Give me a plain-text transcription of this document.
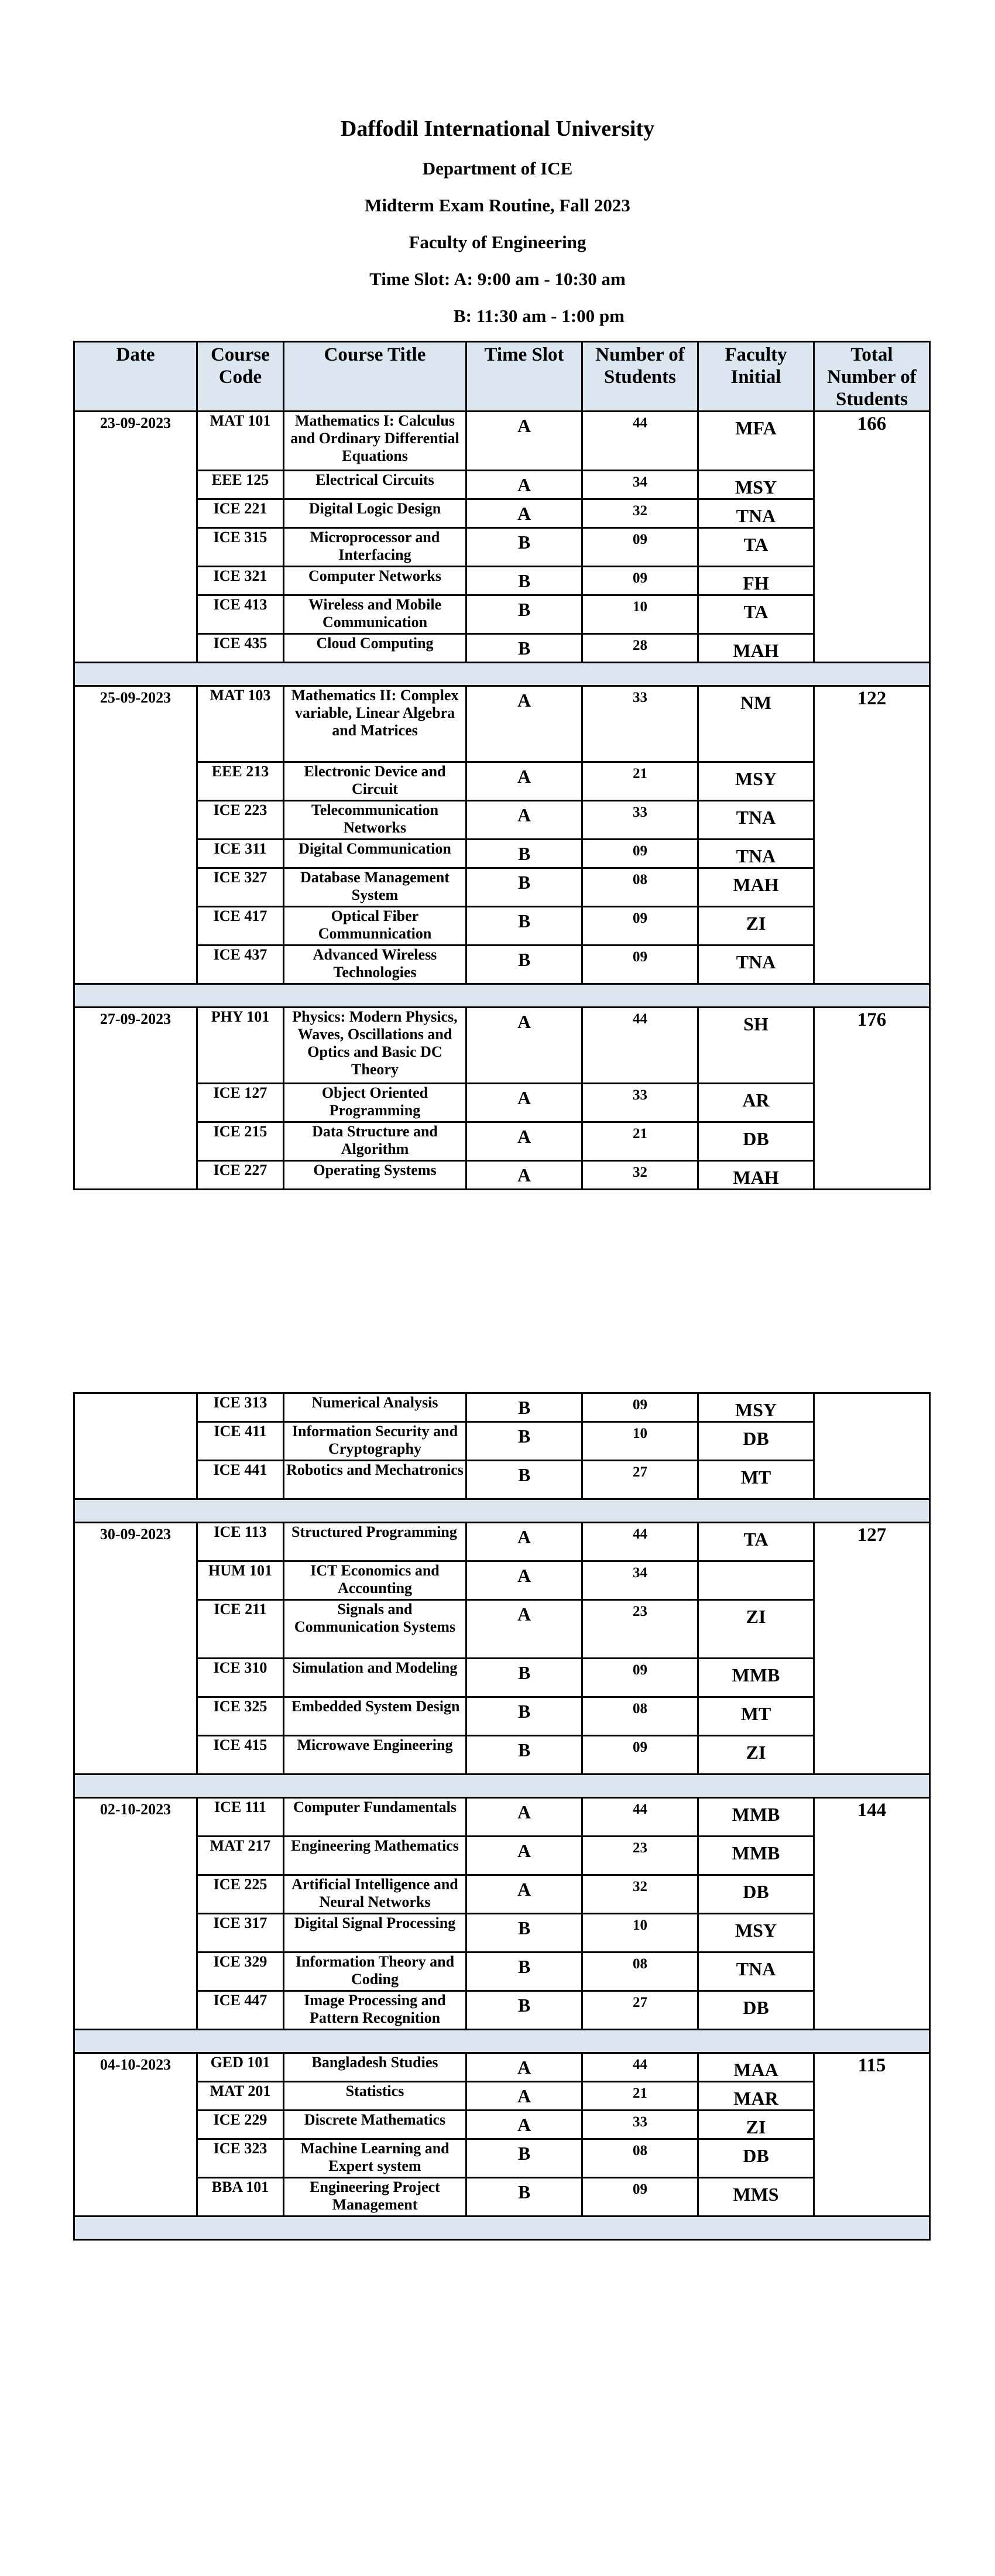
Daffodil International University
Department of ICE
Midterm Exam Routine, Fall 2023
Faculty of Engineering
Time Slot: A: 9:00 am - 10:30 am
B: 11:30 am - 1:00 pm
Date	Course Code	Course Title	Time Slot	Number of Students	Faculty Initial	Total Number of Students
23-09-2023	MAT 101	Mathematics I: Calculus and Ordinary Differential Equations	A	44	MFA	166
	EEE 125	Electrical Circuits	A	34	MSY	
	ICE 221	Digital Logic Design	A	32	TNA	
	ICE 315	Microprocessor and Interfacing	B	09	TA	
	ICE 321	Computer Networks	B	09	FH	
	ICE 413	Wireless and Mobile Communication	B	10	TA	
	ICE 435	Cloud Computing	B	28	MAH	

25-09-2023	MAT 103	Mathematics II: Complex variable, Linear Algebra and Matrices	A	33	NM	122
	EEE 213	Electronic Device and Circuit	A	21	MSY	
	ICE 223	Telecommunication Networks	A	33	TNA	
	ICE 311	Digital Communication	B	09	TNA	
	ICE 327	Database Management System	B	08	MAH	
	ICE 417	Optical Fiber Communnication	B	09	ZI	
	ICE 437	Advanced Wireless Technologies	B	09	TNA	

27-09-2023	PHY 101	Physics: Modern Physics, Waves, Oscillations and Optics and Basic DC Theory	A	44	SH	176
	ICE 127	Object Oriented Programming	A	33	AR	
	ICE 215	Data Structure and Algorithm	A	21	DB	
	ICE 227	Operating Systems	A	32	MAH	
	ICE 313	Numerical Analysis	B	09	MSY	
	ICE 411	Information Security and Cryptography	B	10	DB	
	ICE 441	Robotics and Mechatronics	B	27	MT	

30-09-2023	ICE 113	Structured Programming	A	44	TA	127
	HUM 101	ICT Economics and Accounting	A	34		
	ICE 211	Signals and Communication Systems	A	23	ZI	
	ICE 310	Simulation and Modeling	B	09	MMB	
	ICE 325	Embedded System Design	B	08	MT	
	ICE 415	Microwave Engineering	B	09	ZI	

02-10-2023	ICE 111	Computer Fundamentals	A	44	MMB	144
	MAT 217	Engineering Mathematics	A	23	MMB	
	ICE 225	Artificial Intelligence and Neural Networks	A	32	DB	
	ICE 317	Digital Signal Processing	B	10	MSY	
	ICE 329	Information Theory and Coding	B	08	TNA	
	ICE 447	Image Processing and Pattern Recognition	B	27	DB	

04-10-2023	GED 101	Bangladesh Studies	A	44	MAA	115
	MAT 201	Statistics	A	21	MAR	
	ICE 229	Discrete Mathematics	A	33	ZI	
	ICE 323	Machine Learning and Expert system	B	08	DB	
	BBA 101	Engineering Project Management	B	09	MMS	
